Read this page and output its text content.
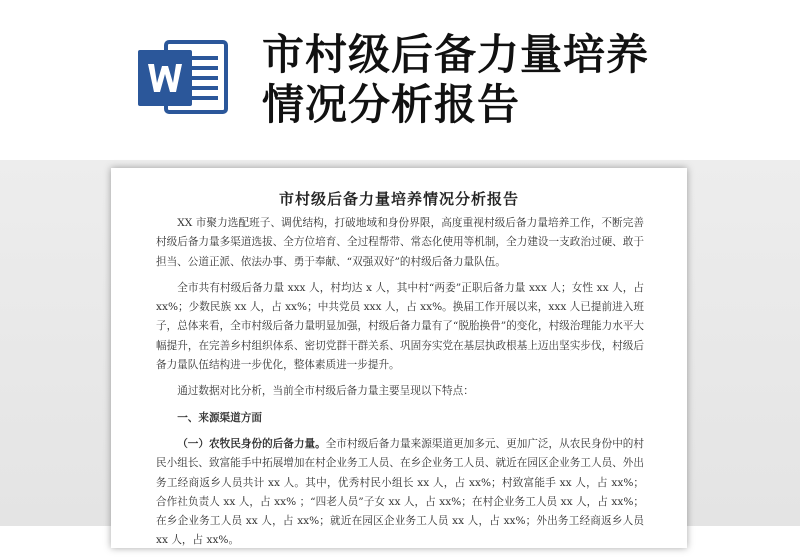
市村级后备力量培养
情况分析报告
市村级后备力量培养情况分析报告

XX 市聚力选配班子、调优结构，打破地域和身份界限，高度重视村级后备力量培养工作，不断完善村级后备力量多渠道选拔、全方位培育、全过程帮带、常态化使用等机制，全力建设一支政治过硬、敢于担当、公道正派、依法办事、勇于奉献、“双强双好”的村级后备力量队伍。

全市共有村级后备力量 xxx 人，村均达 x 人，其中村“两委”正职后备力量 xxx 人；女性 xx 人，占 xx%；少数民族 xx 人，占 xx%；中共党员 xxx 人，占 xx%。换届工作开展以来，xxx 人已提前进入班子，总体来看，全市村级后备力量明显加强，村级后备力量有了“脱胎换骨”的变化，村级治理能力水平大幅提升，在完善乡村组织体系、密切党群干群关系、巩固夯实党在基层执政根基上迈出坚实步伐，村级后备力量队伍结构进一步优化，整体素质进一步提升。

通过数据对比分析，当前全市村级后备力量主要呈现以下特点：

一、来源渠道方面

（一）农牧民身份的后备力量。全市村级后备力量来源渠道更加多元、更加广泛，从农民身份中的村民小组长、致富能手中拓展增加在村企业务工人员、在乡企业务工人员、就近在园区企业务工人员、外出务工经商返乡人员共计 xx 人。其中，优秀村民小组长 xx 人，占 xx%；村致富能手 xx 人，占 xx%；合作社负责人 xx 人，占 xx% ；“四老人员”子女 xx 人，占 xx%；在村企业务工人员 xx 人，占 xx%；在乡企业务工人员 xx 人，占 xx%；就近在园区企业务工人员 xx 人，占 xx%；外出务工经商返乡人员 xx 人，占 xx%。
